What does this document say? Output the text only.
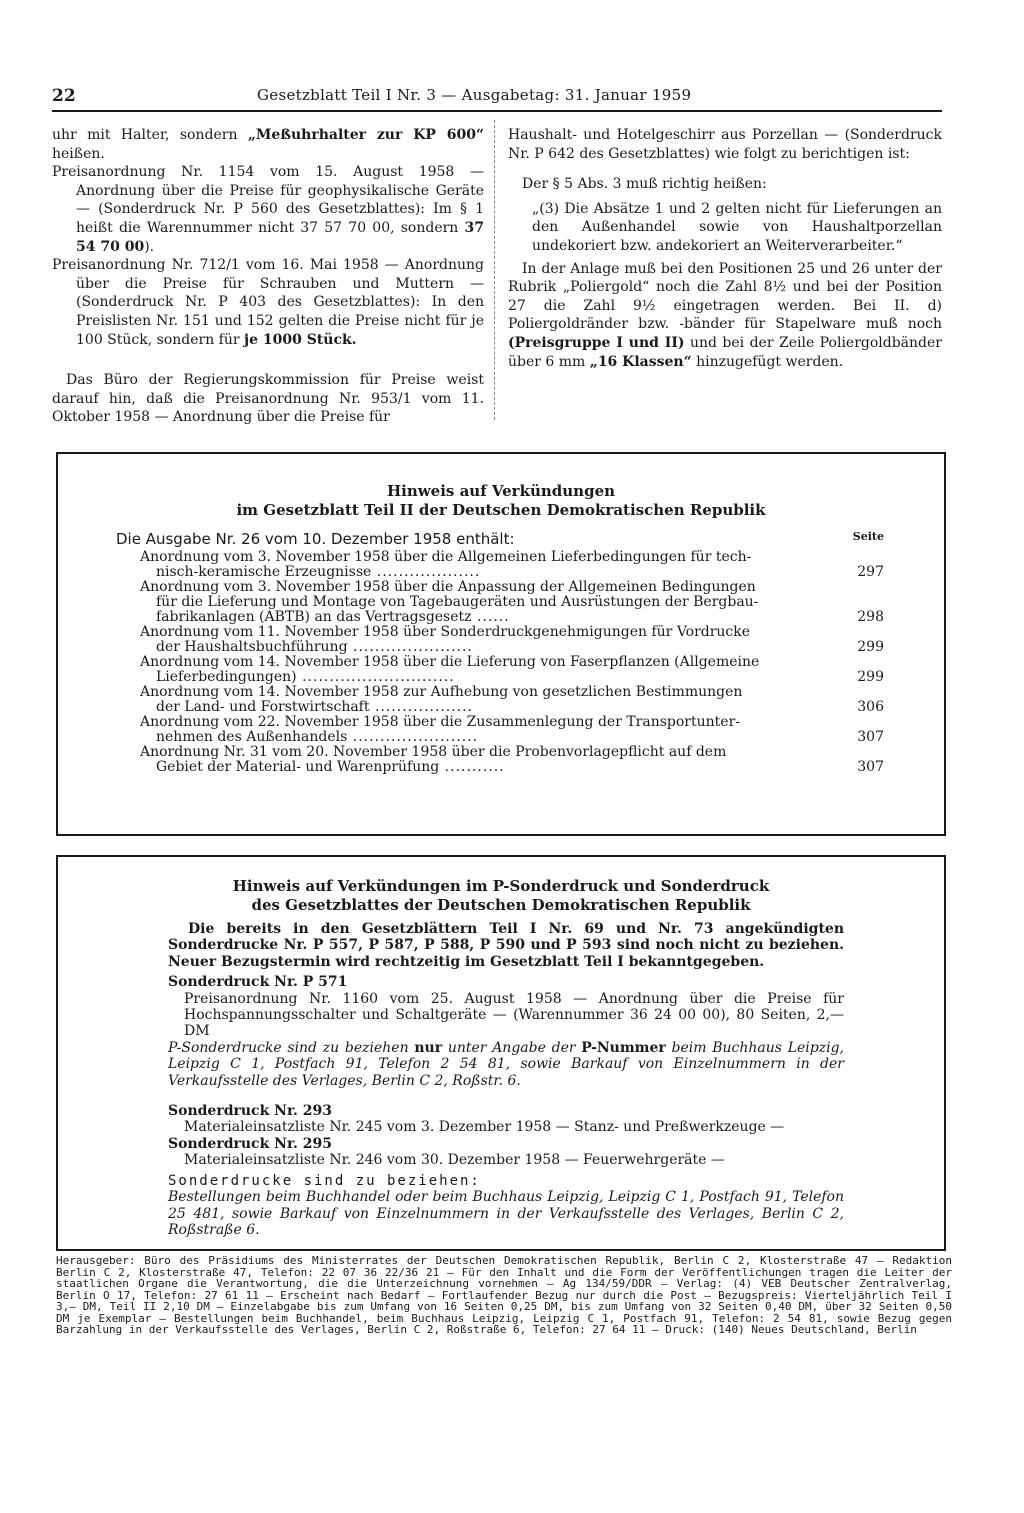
22	Gesetzblatt Teil I Nr. 3 — Ausgabetag: 31. Januar 1959

uhr mit Halter, sondern „Meßuhrhalter zur KP 600“ heißen.

Preisanordnung Nr. 1154 vom 15. August 1958 — Anordnung über die Preise für geophysikalische Geräte — (Sonderdruck Nr. P 560 des Gesetzblattes): Im § 1 heißt die Warennummer nicht 37 57 70 00, sondern 37 54 70 00).

Preisanordnung Nr. 712/1 vom 16. Mai 1958 — Anordnung über die Preise für Schrauben und Muttern — (Sonderdruck Nr. P 403 des Gesetzblattes): In den Preislisten Nr. 151 und 152 gelten die Preise nicht für je 100 Stück, sondern für je 1000 Stück.

Das Büro der Regierungskommission für Preise weist darauf hin, daß die Preisanordnung Nr. 953/1 vom 11. Oktober 1958 — Anordnung über die Preise für

Haushalt- und Hotelgeschirr aus Porzellan — (Sonderdruck Nr. P 642 des Gesetzblattes) wie folgt zu berichtigen ist:

Der § 5 Abs. 3 muß richtig heißen:

„(3) Die Absätze 1 und 2 gelten nicht für Lieferungen an den Außenhandel sowie von Haushaltporzellan undekoriert bzw. andekoriert an Weiterverarbeiter.“

In der Anlage muß bei den Positionen 25 und 26 unter der Rubrik „Poliergold“ noch die Zahl 8½ und bei der Position 27 die Zahl 9½ eingetragen werden. Bei II. d) Poliergoldränder bzw. -bänder für Stapelware muß noch (Preisgruppe I und II) und bei der Zeile Poliergoldbänder über 6 mm „16 Klassen“ hinzugefügt werden.

Hinweis auf Verkündungen
im Gesetzblatt Teil II der Deutschen Demokratischen Republik
Die Ausgabe Nr. 26 vom 10. Dezember 1958 enthält:	Seite
Anordnung vom 3. November 1958 über die Allgemeinen Lieferbedingungen für tech-
nisch-keramische Erzeugnisse ...................	297
Anordnung vom 3. November 1958 über die Anpassung der Allgemeinen Bedingungen
für die Lieferung und Montage von Tagebaugeräten und Ausrüstungen der Bergbau-
fabrikanlagen (ABTB) an das Vertragsgesetz ......	298
Anordnung vom 11. November 1958 über Sonderdruckgenehmigungen für Vordrucke
der Haushaltsbuchführung ......................	299
Anordnung vom 14. November 1958 über die Lieferung von Faserpflanzen (Allgemeine
Lieferbedingungen) ............................	299
Anordnung vom 14. November 1958 zur Aufhebung von gesetzlichen Bestimmungen
der Land- und Forstwirtschaft ..................	306
Anordnung vom 22. November 1958 über die Zusammenlegung der Transportunter-
nehmen des Außenhandels .......................	307
Anordnung Nr. 31 vom 20. November 1958 über die Probenvorlagepflicht auf dem
Gebiet der Material- und Warenprüfung ...........	307
Hinweis auf Verkündungen im P-Sonderdruck und Sonderdruck
des Gesetzblattes der Deutschen Demokratischen Republik

Die bereits in den Gesetzblättern Teil I Nr. 69 und Nr. 73 angekündigten Sonderdrucke Nr. P 557, P 587, P 588, P 590 und P 593 sind noch nicht zu beziehen. Neuer Bezugstermin wird rechtzeitig im Gesetzblatt Teil I bekanntgegeben.

Sonderdruck Nr. P 571

Preisanordnung Nr. 1160 vom 25. August 1958 — Anordnung über die Preise für Hochspannungsschalter und Schaltgeräte — (Warennummer 36 24 00 00), 80 Seiten, 2,— DM

P-Sonderdrucke sind zu beziehen nur unter Angabe der P-Nummer beim Buchhaus Leipzig, Leipzig C 1, Postfach 91, Telefon 2 54 81, sowie Barkauf von Einzelnummern in der Verkaufsstelle des Verlages, Berlin C 2, Roßstr. 6.

Sonderdruck Nr. 293

Materialeinsatzliste Nr. 245 vom 3. Dezember 1958 — Stanz- und Preßwerkzeuge —

Sonderdruck Nr. 295

Materialeinsatzliste Nr. 246 vom 30. Dezember 1958 — Feuerwehrgeräte —

Sonderdrucke sind zu beziehen:

Bestellungen beim Buchhandel oder beim Buchhaus Leipzig, Leipzig C 1, Postfach 91, Telefon 25 481, sowie Barkauf von Einzelnummern in der Verkaufsstelle des Verlages, Berlin C 2, Roßstraße 6.

Herausgeber: Büro des Präsidiums des Ministerrates der Deutschen Demokratischen Republik, Berlin C 2, Klosterstraße 47 – Redaktion Berlin C 2, Klosterstraße 47, Telefon: 22 07 36 22/36 21 – Für den Inhalt und die Form der Veröffentlichungen tragen die Leiter der staatlichen Organe die Verantwortung, die die Unterzeichnung vornehmen – Ag 134/59/DDR – Verlag: (4) VEB Deutscher Zentralverlag, Berlin O 17, Telefon: 27 61 11 – Erscheint nach Bedarf – Fortlaufender Bezug nur durch die Post – Bezugspreis: Vierteljährlich Teil I 3,– DM, Teil II 2,10 DM – Einzelabgabe bis zum Umfang von 16 Seiten 0,25 DM, bis zum Umfang von 32 Seiten 0,40 DM, über 32 Seiten 0,50 DM je Exemplar – Bestellungen beim Buchhandel, beim Buchhaus Leipzig, Leipzig C 1, Postfach 91, Telefon: 2 54 81, sowie Bezug gegen Barzahlung in der Verkaufsstelle des Verlages, Berlin C 2, Roßstraße 6, Telefon: 27 64 11 – Druck: (140) Neues Deutschland, Berlin
